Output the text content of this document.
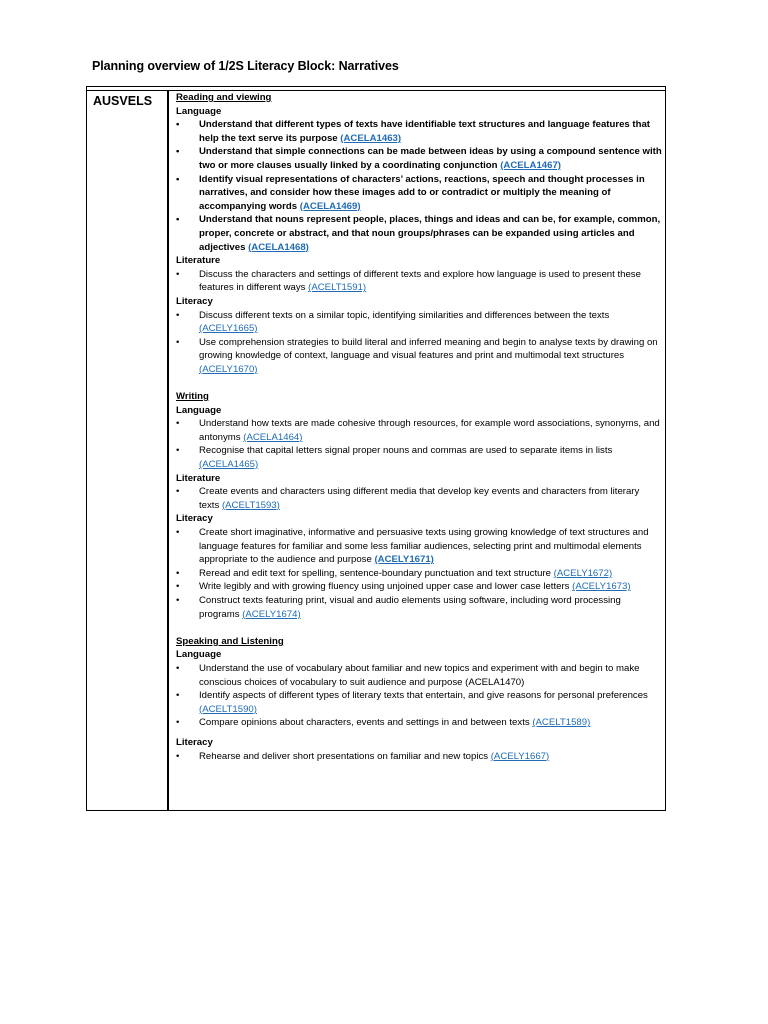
Planning overview of 1/2S Literacy Block: Narratives
AUSVELS Reading and viewing
Language
• Understand that different types of texts have identifiable text structures and language features that help the text serve its purpose (ACELA1463)
• Understand that simple connections can be made between ideas by using a compound sentence with two or more clauses usually linked by a coordinating conjunction (ACELA1467)
• Identify visual representations of characters’ actions, reactions, speech and thought processes in narratives, and consider how these images add to or contradict or multiply the meaning of accompanying words (ACELA1469)
• Understand that nouns represent people, places, things and ideas and can be, for example, common, proper, concrete or abstract, and that noun groups/phrases can be expanded using articles and adjectives (ACELA1468)
Literature
• Discuss the characters and settings of different texts and explore how language is used to present these features in different ways (ACELT1591)
Literacy
• Discuss different texts on a similar topic, identifying similarities and differences between the texts (ACELY1665)
• Use comprehension strategies to build literal and inferred meaning and begin to analyse texts by drawing on growing knowledge of context, language and visual features and print and multimodal text structures (ACELY1670)
Writing
Language
• Understand how texts are made cohesive through resources, for example word associations, synonyms, and antonyms (ACELA1464)
• Recognise that capital letters signal proper nouns and commas are used to separate items in lists (ACELA1465)
Literature
• Create events and characters using different media that develop key events and characters from literary texts (ACELT1593)
Literacy
• Create short imaginative, informative and persuasive texts using growing knowledge of text structures and language features for familiar and some less familiar audiences, selecting print and multimodal elements appropriate to the audience and purpose (ACELY1671)
• Reread and edit text for spelling, sentence-boundary punctuation and text structure (ACELY1672)
• Write legibly and with growing fluency using unjoined upper case and lower case letters (ACELY1673)
• Construct texts featuring print, visual and audio elements using software, including word processing programs (ACELY1674)
Speaking and Listening
Language
• Understand the use of vocabulary about familiar and new topics and experiment with and begin to make conscious choices of vocabulary to suit audience and purpose (ACELA1470)
• Identify aspects of different types of literary texts that entertain, and give reasons for personal preferences (ACELT1590)
• Compare opinions about characters, events and settings in and between texts (ACELT1589)
Literacy
• Rehearse and deliver short presentations on familiar and new topics (ACELY1667)
